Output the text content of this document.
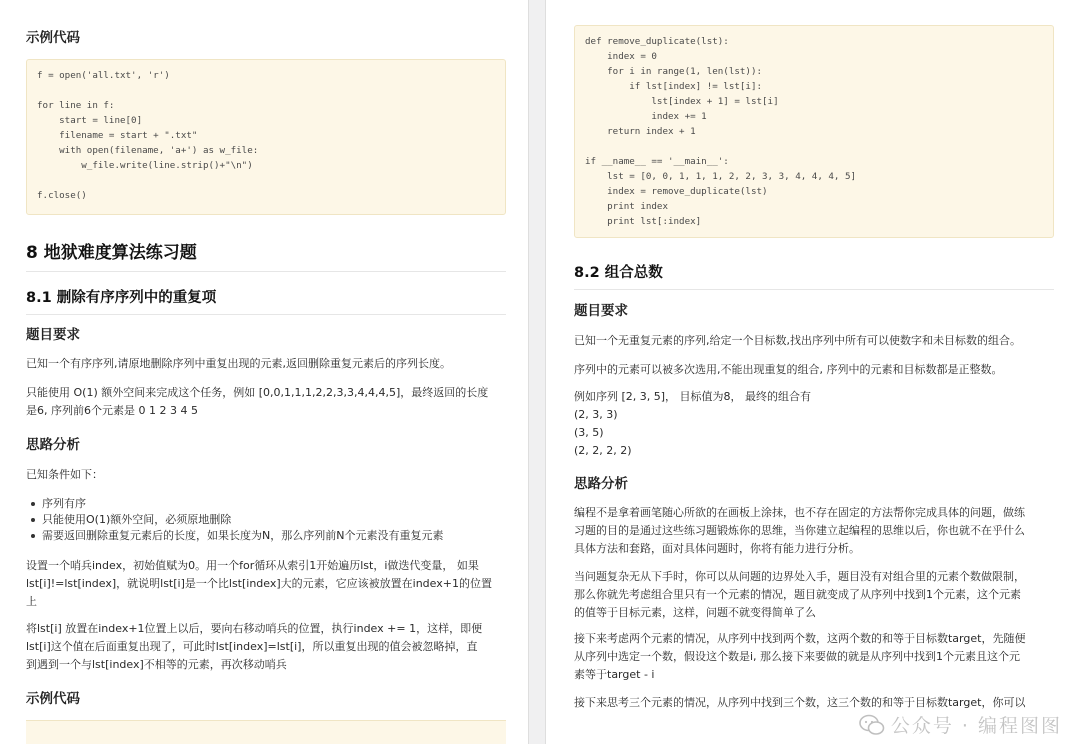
示例代码
f = open('all.txt', 'r')

for line in f:
start = line[0]
filename = start + ".txt"
with open(filename, 'a+') as w_file:
w_file.write(line.strip()+"\n")

f.close()
8 地狱难度算法练习题
8.1 删除有序序列中的重复项
题目要求

已知一个有序序列,请原地删除序列中重复出现的元素,返回删除重复元素后的序列长度。

只能使用 O(1) 额外空间来完成这个任务，例如 [0,0,1,1,1,2,2,3,3,4,4,4,5]，最终返回的长度

是6, 序列前6个元素是 0 1 2 3 4 5

思路分析

已知条件如下：

序列有序
只能使用O(1)额外空间，必须原地删除
需要返回删除重复元素后的长度，如果长度为N，那么序列前N个元素没有重复元素

设置一个哨兵index，初始值赋为0。用一个for循环从索引1开始遍历lst，i做迭代变量， 如果

lst[i]!=lst[index]，就说明lst[i]是一个比lst[index]大的元素，它应该被放置在index+1的位置

上

将lst[i] 放置在index+1位置上以后，要向右移动哨兵的位置，执行index += 1，这样，即便

lst[i]这个值在后面重复出现了，可此时lst[index]=lst[i]，所以重复出现的值会被忽略掉，直

到遇到一个与lst[index]不相等的元素，再次移动哨兵

示例代码
def remove_duplicate(lst):
index = 0
for i in range(1, len(lst)):
if lst[index] != lst[i]:
lst[index + 1] = lst[i]
index += 1
return index + 1

if __name__ == '__main__':
lst = [0, 0, 1, 1, 1, 2, 2, 3, 3, 4, 4, 4, 5]
index = remove_duplicate(lst)
print index
print lst[:index]
8.2 组合总数
题目要求

已知一个无重复元素的序列,给定一个目标数,找出序列中所有可以使数字和未目标数的组合。

序列中的元素可以被多次选用,不能出现重复的组合, 序列中的元素和目标数都是正整数。

例如序列 [2, 3, 5]， 目标值为8， 最终的组合有

(2, 3, 3)

(3, 5)

(2, 2, 2, 2)

思路分析

编程不是拿着画笔随心所欲的在画板上涂抹，也不存在固定的方法帮你完成具体的问题，做练

习题的目的是通过这些练习题锻炼你的思维，当你建立起编程的思维以后，你也就不在乎什么

具体方法和套路，面对具体问题时，你将有能力进行分析。

当问题复杂无从下手时，你可以从问题的边界处入手，题目没有对组合里的元素个数做限制，

那么你就先考虑组合里只有一个元素的情况，题目就变成了从序列中找到1个元素，这个元素

的值等于目标元素，这样，问题不就变得简单了么

接下来考虑两个元素的情况，从序列中找到两个数，这两个数的和等于目标数target，先随便

从序列中选定一个数，假设这个数是i, 那么接下来要做的就是从序列中找到1个元素且这个元

素等于target - i

接下来思考三个元素的情况，从序列中找到三个数，这三个数的和等于目标数target，你可以

公众号 · 编程图图
